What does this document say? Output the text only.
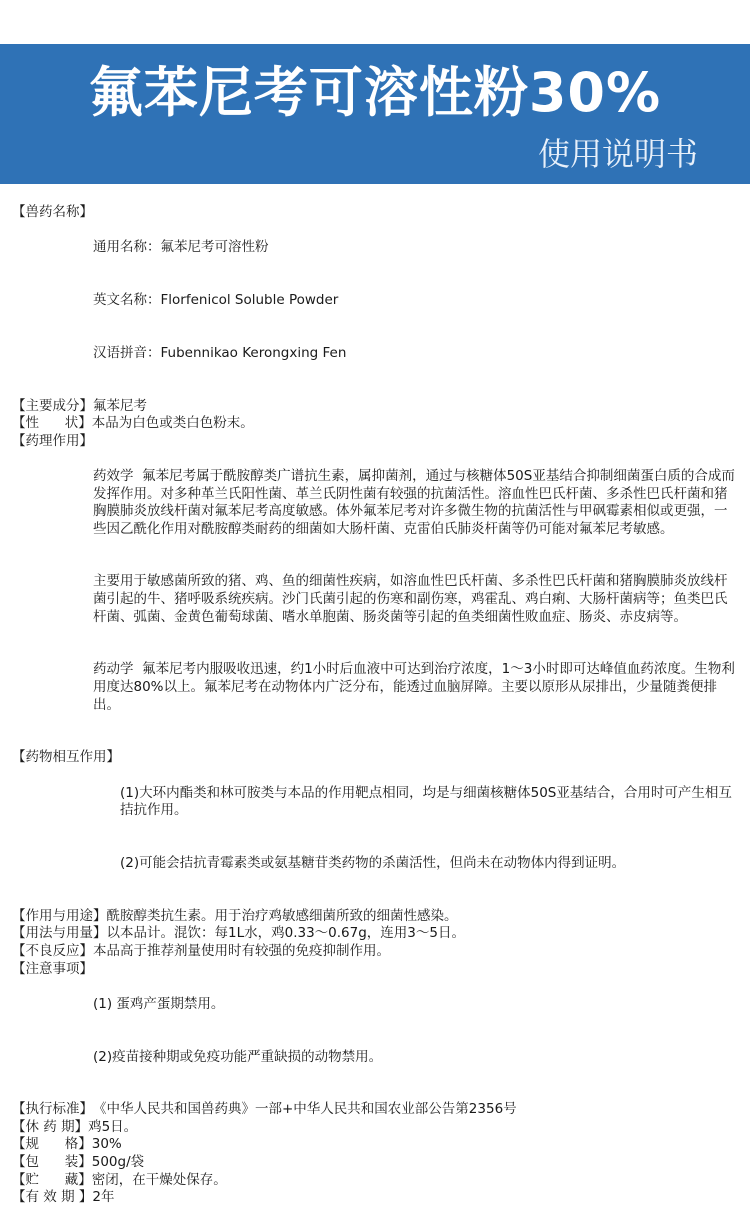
氟苯尼考可溶性粉30%
使用说明书
【兽药名称】

通用名称： 氟苯尼考可溶性粉

英文名称： Florfenicol Soluble Powder

汉语拼音： Fubennikao Kerongxing Fen

【主要成分】 氟苯尼考
【性      状】 本品为白色或类白色粉末。
【药理作用】

药效学  氟苯尼考属于酰胺醇类广谱抗生素，属抑菌剂，通过与核糖体50S亚基结合抑制细菌蛋白质的合成而发挥作用。对多种革兰氏阳性菌、革兰氏阴性菌有较强的抗菌活性。溶血性巴氏杆菌、多杀性巴氏杆菌和猪胸膜肺炎放线杆菌对氟苯尼考高度敏感。体外氟苯尼考对许多微生物的抗菌活性与甲砜霉素相似或更强，一些因乙酰化作用对酰胺醇类耐药的细菌如大肠杆菌、克雷伯氏肺炎杆菌等仍可能对氟苯尼考敏感。

主要用于敏感菌所致的猪、鸡、鱼的细菌性疾病，如溶血性巴氏杆菌、多杀性巴氏杆菌和猪胸膜肺炎放线杆菌引起的牛、猪呼吸系统疾病。沙门氏菌引起的伤寒和副伤寒，鸡霍乱、鸡白痢、大肠杆菌病等；鱼类巴氏杆菌、弧菌、金黄色葡萄球菌、嗜水单胞菌、肠炎菌等引起的鱼类细菌性败血症、肠炎、赤皮病等。

药动学  氟苯尼考内服吸收迅速，约1小时后血液中可达到治疗浓度，1～3小时即可达峰值血药浓度。生物利用度达80%以上。氟苯尼考在动物体内广泛分布，能透过血脑屏障。主要以原形从尿排出，少量随粪便排出。

【药物相互作用】

(1)大环内酯类和林可胺类与本品的作用靶点相同，均是与细菌核糖体50S亚基结合，合用时可产生相互拮抗作用。

(2)可能会拮抗青霉素类或氨基糖苷类药物的杀菌活性，但尚未在动物体内得到证明。

【作用与用途】 酰胺醇类抗生素。用于治疗鸡敏感细菌所致的细菌性感染。
【用法与用量】 以本品计。混饮：每1L水，鸡0.33～0.67g，连用3～5日。
【不良反应】 本品高于推荐剂量使用时有较强的免疫抑制作用。
【注意事项】

(1) 蛋鸡产蛋期禁用。

(2)疫苗接种期或免疫功能严重缺损的动物禁用。

【执行标准】 《中华人民共和国兽药典》一部+中华人民共和国农业部公告第2356号
【休 药 期】 鸡5日。
【规      格】 30%
【包      装】 500g/袋
【贮      藏】 密闭，在干燥处保存。
【有 效 期 】 2年
